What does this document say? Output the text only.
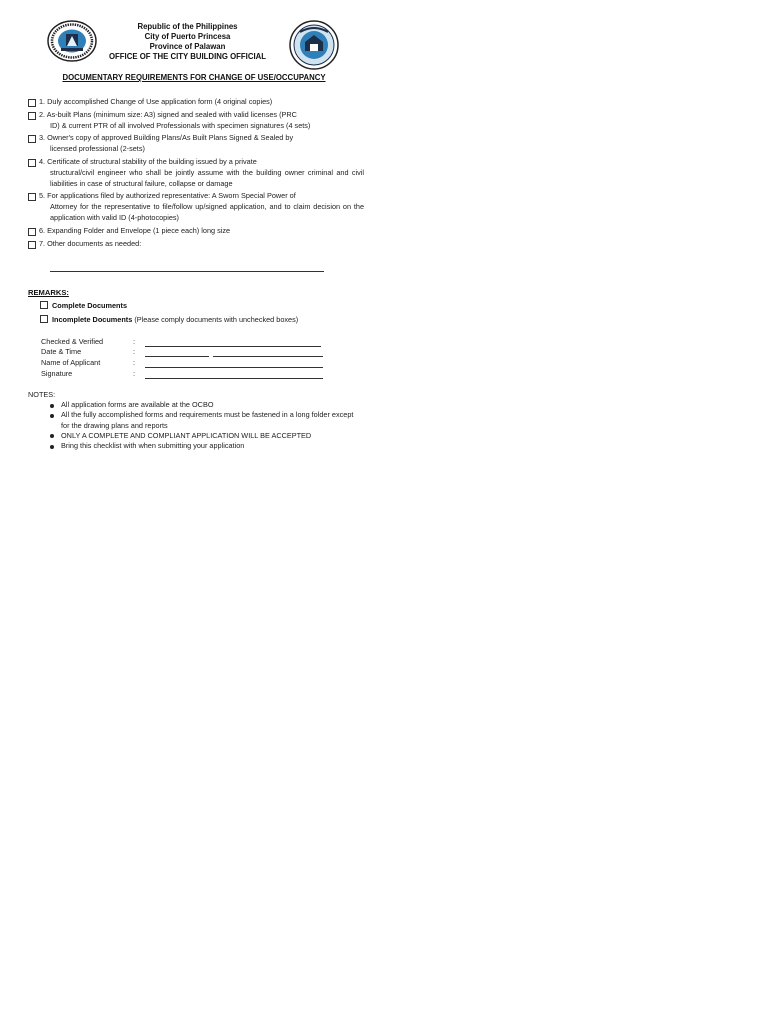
Republic of the Philippines
City of Puerto Princesa
Province of Palawan
OFFICE OF THE CITY BUILDING OFFICIAL
DOCUMENTARY REQUIREMENTS FOR CHANGE OF USE/OCCUPANCY
1. Duly accomplished Change of Use application form (4 original copies)
2. As-built Plans (minimum size: A3) signed and sealed with valid licenses (PRC
ID) & current PTR of all involved Professionals with specimen signatures (4 sets)
3. Owner's copy of approved Building Plans/As Built Plans Signed & Sealed by
licensed professional (2-sets)
4. Certificate of structural stability of the building issued by a private
structural/civil engineer who shall be jointly assume with the building owner criminal and civil liabilities in case of structural failure, collapse or damage
5. For applications filed by authorized representative: A Sworn Special Power of
Attorney for the representative to file/follow up/signed application, and to claim decision on the application with valid ID (4-photocopies)
6. Expanding Folder and Envelope (1 piece each) long size
7. Other documents as needed:
REMARKS:
Complete Documents
Incomplete Documents (Please comply documents with unchecked boxes)
Checked & Verified	:
Date & Time	:
Name of Applicant	:
Signature	:
NOTES:
All application forms are available at the OCBO
All the fully accomplished forms and requirements must be fastened in a long folder except for the drawing plans and reports
ONLY A COMPLETE AND COMPLIANT APPLICATION WILL BE ACCEPTED
Bring this checklist with when submitting your application
